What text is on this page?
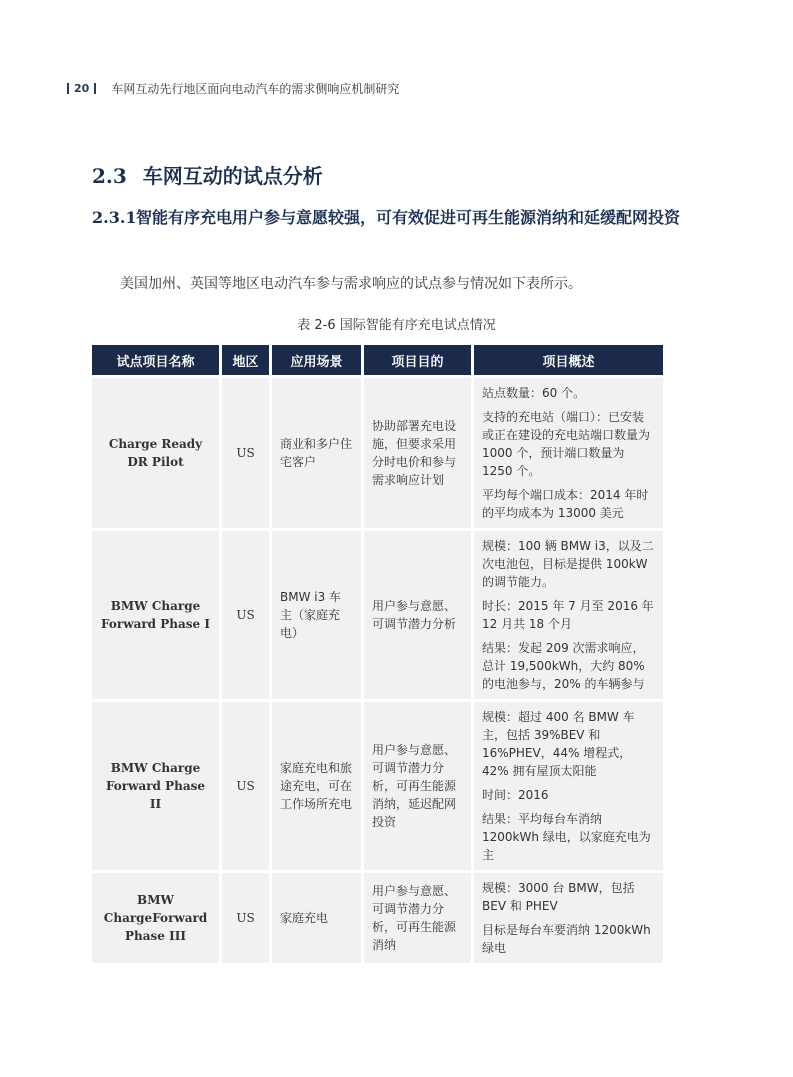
20 车网互动先行地区面向电动汽车的需求侧响应机制研究
2.3 车网互动的试点分析
2.3.1 智能有序充电用户参与意愿较强，可有效促进可再生能源消纳和延缓配网投资
美国加州、英国等地区电动汽车参与需求响应的试点参与情况如下表所示。
表 2-6 国际智能有序充电试点情况
试点项目名称	地区	应用场景	项目目的	项目概述
Charge Ready DR Pilot	US	商业和多户住宅客户	协助部署充电设施，但要求采用分时电价和参与需求响应计划	站点数量：60 个。

支持的充电站（端口）：已安装或正在建设的充电站端口数量为 1000 个，预计端口数量为 1250 个。

平均每个端口成本：2014 年时的平均成本为 13000 美元

BMW Charge Forward Phase I	US	BMW i3 车主（家庭充电）	用户参与意愿、可调节潜力分析	规模：100 辆 BMW i3，以及二次电池包，目标是提供 100kW 的调节能力。

时长：2015 年 7 月至 2016 年 12 月共 18 个月

结果：发起 209 次需求响应，总计 19,500kWh，大约 80% 的电池参与，20% 的车辆参与

BMW Charge Forward Phase II	US	家庭充电和旅途充电，可在工作场所充电	用户参与意愿、可调节潜力分析，可再生能源消纳，延迟配网投资	规模：超过 400 名 BMW 车主，包括 39%BEV 和 16%PHEV，44% 增程式，42% 拥有屋顶太阳能

时间：2016

结果：平均每台车消纳 1200kWh 绿电，以家庭充电为主

BMW ChargeForward Phase III	US	家庭充电	用户参与意愿、可调节潜力分析，可再生能源消纳	规模：3000 台 BMW，包括 BEV 和 PHEV

目标是每台车要消纳 1200kWh 绿电
